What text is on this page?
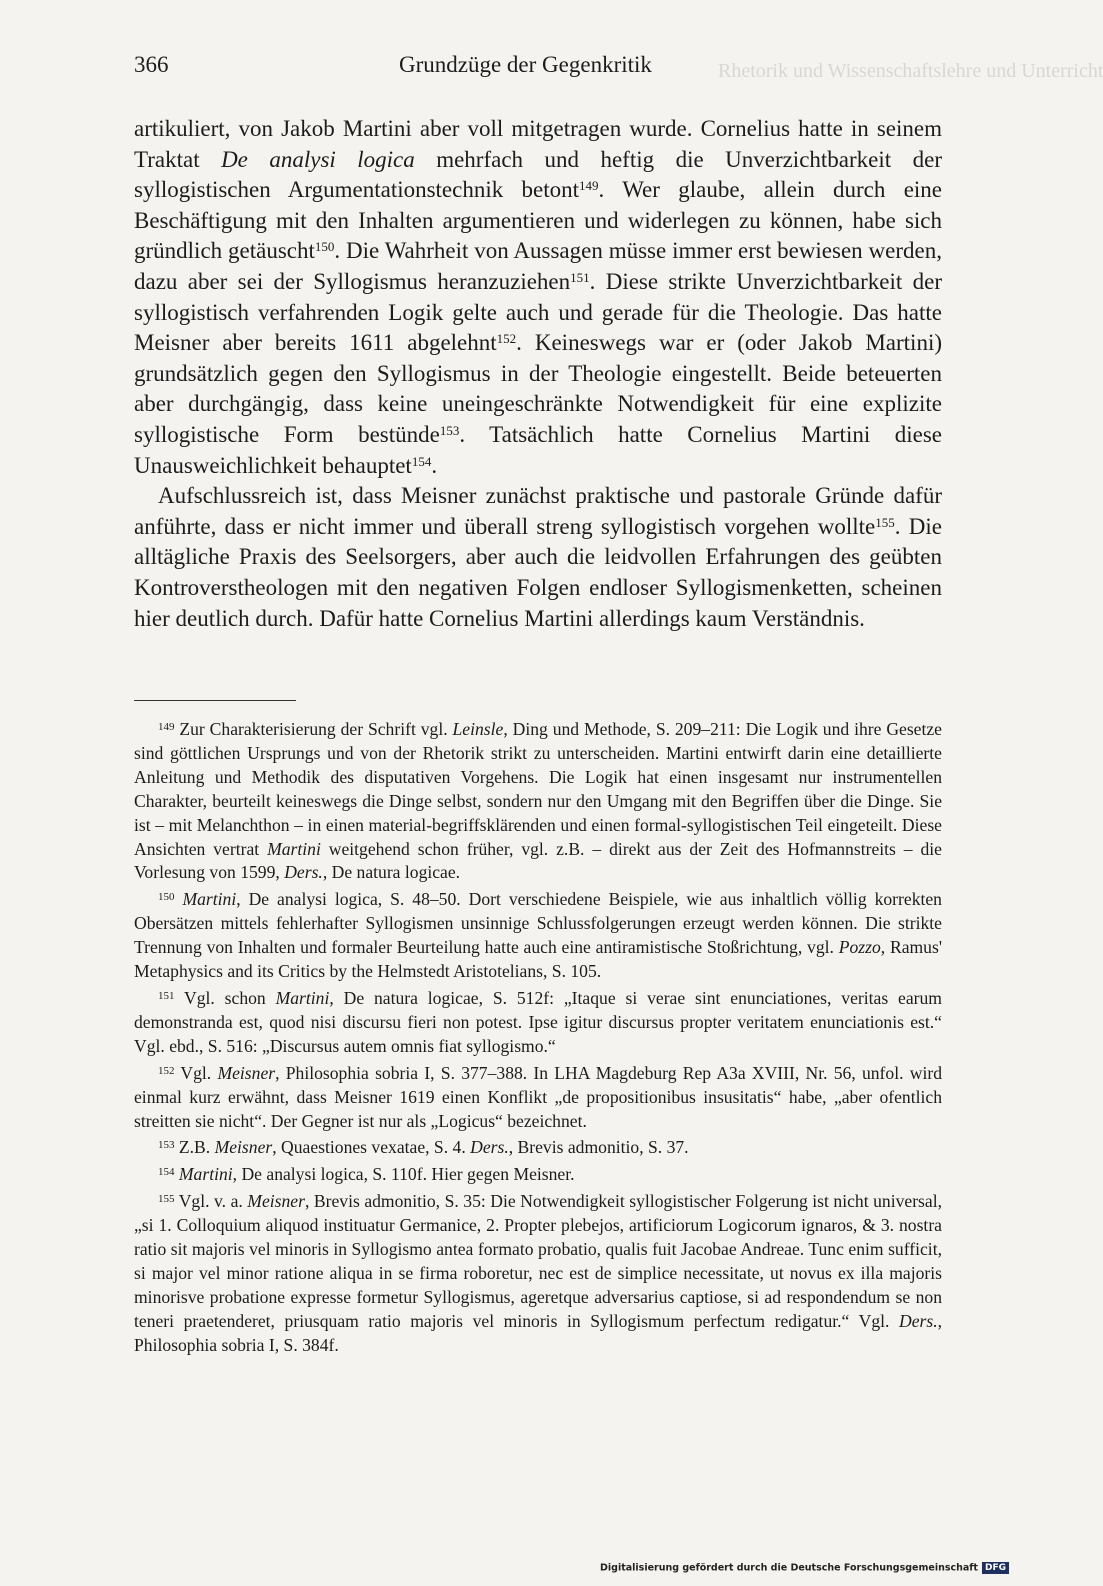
Rhetorik und Wissenschaftslehre und Unterricht
366	Grundzüge der Gegenkritik

artikuliert, von Jakob Martini aber voll mitgetragen wurde. Cornelius hatte in seinem Traktat De analysi logica mehrfach und heftig die Unverzichtbarkeit der syllogistischen Argumentationstechnik betont$^{149}$. Wer glaube, allein durch eine Beschäftigung mit den Inhalten argumentieren und widerlegen zu können, habe sich gründlich getäuscht$^{150}$. Die Wahrheit von Aussagen müsse immer erst bewiesen werden, dazu aber sei der Syllogismus heranzuziehen$^{151}$. Diese strikte Unverzichtbarkeit der syllogistisch verfahrenden Logik gelte auch und gerade für die Theologie. Das hatte Meisner aber bereits 1611 abgelehnt$^{152}$. Keineswegs war er (oder Jakob Martini) grundsätzlich gegen den Syllogismus in der Theologie eingestellt. Beide beteuerten aber durchgängig, dass keine uneingeschränkte Notwendigkeit für eine explizite syllogistische Form bestünde$^{153}$. Tatsächlich hatte Cornelius Martini diese Unausweichlichkeit behauptet$^{154}$.

Aufschlussreich ist, dass Meisner zunächst praktische und pastorale Gründe dafür anführte, dass er nicht immer und überall streng syllogistisch vorgehen wollte$^{155}$. Die alltägliche Praxis des Seelsorgers, aber auch die leidvollen Erfahrungen des geübten Kontroverstheologen mit den negativen Folgen endloser Syllogismenketten, scheinen hier deutlich durch. Dafür hatte Cornelius Martini allerdings kaum Verständnis.

$^{149}$ Zur Charakterisierung der Schrift vgl. Leinsle, Ding und Methode, S. 209–211: Die Logik und ihre Gesetze sind göttlichen Ursprungs und von der Rhetorik strikt zu unterscheiden. Martini entwirft darin eine detaillierte Anleitung und Methodik des disputativen Vorgehens. Die Logik hat einen insgesamt nur instrumentellen Charakter, beurteilt keineswegs die Dinge selbst, sondern nur den Umgang mit den Begriffen über die Dinge. Sie ist – mit Melanchthon – in einen material-begriffsklärenden und einen formal-syllogistischen Teil eingeteilt. Diese Ansichten vertrat Martini weitgehend schon früher, vgl. z.B. – direkt aus der Zeit des Hofmannstreits – die Vorlesung von 1599, Ders., De natura logicae.

$^{150}$ Martini, De analysi logica, S. 48–50. Dort verschiedene Beispiele, wie aus inhaltlich völlig korrekten Obersätzen mittels fehlerhafter Syllogismen unsinnige Schlussfolgerungen erzeugt werden können. Die strikte Trennung von Inhalten und formaler Beurteilung hatte auch eine antiramistische Stoßrichtung, vgl. Pozzo, Ramus' Metaphysics and its Critics by the Helmstedt Aristotelians, S. 105.

$^{151}$ Vgl. schon Martini, De natura logicae, S. 512f: „Itaque si verae sint enunciationes, veritas earum demonstranda est, quod nisi discursu fieri non potest. Ipse igitur discursus propter veritatem enunciationis est.“ Vgl. ebd., S. 516: „Discursus autem omnis fiat syllogismo.“

$^{152}$ Vgl. Meisner, Philosophia sobria I, S. 377–388. In LHA Magdeburg Rep A3a XVIII, Nr. 56, unfol. wird einmal kurz erwähnt, dass Meisner 1619 einen Konflikt „de propositionibus insusitatis“ habe, „aber ofentlich streitten sie nicht“. Der Gegner ist nur als „Logicus“ bezeichnet.

$^{153}$ Z.B. Meisner, Quaestiones vexatae, S. 4. Ders., Brevis admonitio, S. 37.

$^{154}$ Martini, De analysi logica, S. 110f. Hier gegen Meisner.

$^{155}$ Vgl. v. a. Meisner, Brevis admonitio, S. 35: Die Notwendigkeit syllogistischer Folgerung ist nicht universal, „si 1. Colloquium aliquod instituatur Germanice, 2. Propter plebejos, artificiorum Logicorum ignaros, & 3. nostra ratio sit majoris vel minoris in Syllogismo antea formato probatio, qualis fuit Jacobae Andreae. Tunc enim sufficit, si major vel minor ratione aliqua in se firma roboretur, nec est de simplice necessitate, ut novus ex illa majoris minorisve probatione expresse formetur Syllogismus, ageretque adversarius captiose, si ad respondendum se non teneri praetenderet, priusquam ratio majoris vel minoris in Syllogismum perfectum redigatur.“ Vgl. Ders., Philosophia sobria I, S. 384f.

Digitalisierung gefördert durch die Deutsche Forschungsgemeinschaft DFG
